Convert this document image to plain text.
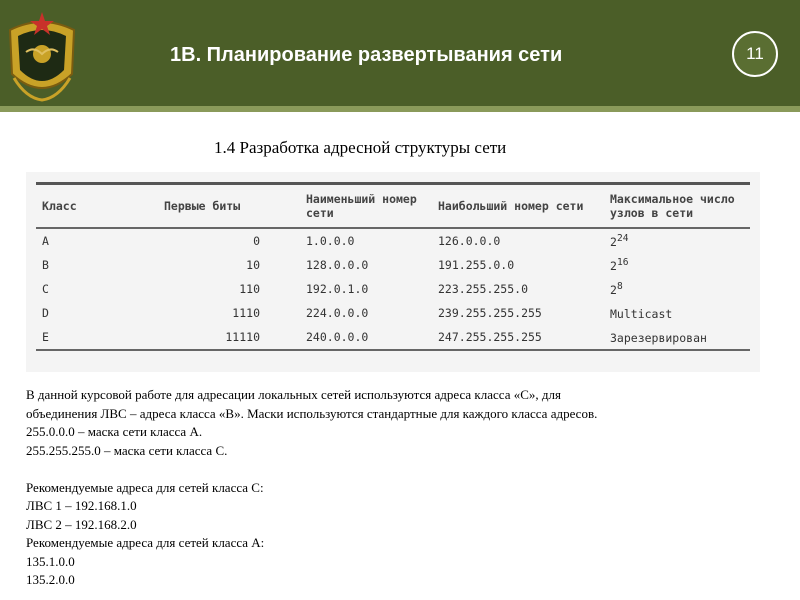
1В. Планирование развертывания сети	11
1.4 Разработка адресной структуры сети
Класс	Первые биты	Наименьший номер сети	Наибольший номер сети	Максимальное число узлов в сети
A	0	1.0.0.0	126.0.0.0	$2^{24}$
B	10	128.0.0.0	191.255.0.0	$2^{16}$
C	110	192.0.1.0	223.255.255.0	$2^8$
D	1110	224.0.0.0	239.255.255.255	Multicast
E	11110	240.0.0.0	247.255.255.255	Зарезервирован

В данной курсовой работе для адресации локальных сетей используются адреса класса «С», для

объединения ЛВС – адреса класса «В». Маски используются стандартные для каждого класса адресов.

255.0.0.0 – маска сети класса А.

255.255.255.0 – маска сети класса С.

Рекомендуемые адреса для сетей класса С:

ЛВС 1 – 192.168.1.0

ЛВС 2 – 192.168.2.0

Рекомендуемые адреса для сетей класса А:

135.1.0.0

135.2.0.0
